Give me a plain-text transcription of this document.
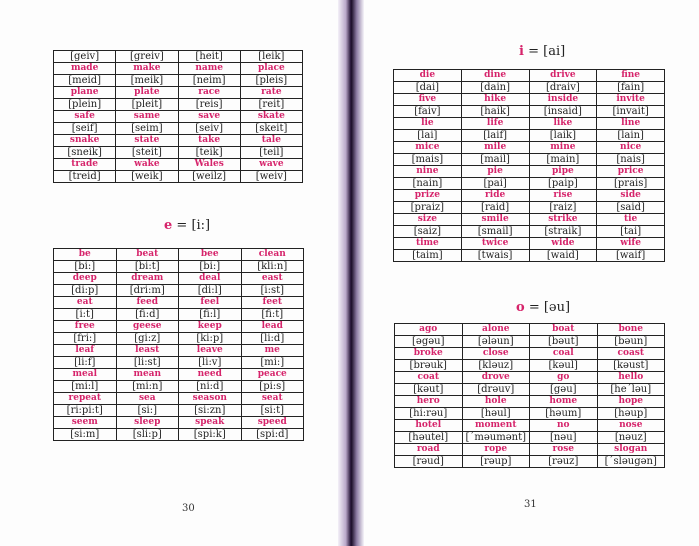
[geiv]	[greiv]	[heit]	[leik]
made	make	name	place
[meid]	[meik]	[neim]	[pleis]
plane	plate	race	rate
[plein]	[pleit]	[reis]	[reit]
safe	same	save	skate
[seif]	[seim]	[seiv]	[skeit]
snake	state	take	tale
[sneik]	[steit]	[teik]	[teil]
trade	wake	Wales	wave
[treid]	[weik]	[weilz]	[weiv]
e = [i:]
be	beat	bee	clean
[bi:]	[bi:t]	[bi:]	[kli:n]
deep	dream	deal	east
[di:p]	[dri:m]	[di:l]	[i:st]
eat	feed	feel	feet
[i:t]	[fi:d]	[fi:l]	[fi:t]
free	geese	keep	lead
[fri:]	[gi:z]	[ki:p]	[li:d]
leaf	least	leave	me
[li:f]	[li:st]	[li:v]	[mi:]
meal	mean	need	peace
[mi:l]	[mi:n]	[ni:d]	[pi:s]
repeat	sea	season	seat
[ri:pi:t]	[si:]	[si:zn]	[si:t]
seem	sleep	speak	speed
[si:m]	[sli:p]	[spi:k]	[spi:d]
30
i = [ai]
die	dine	drive	fine
[dai]	[dain]	[draiv]	[fain]
five	hike	inside	invite
[faiv]	[haik]	[insaid]	[invait]
lie	life	like	line
[lai]	[laif]	[laik]	[lain]
mice	mile	mine	nice
[mais]	[mail]	[main]	[nais]
nine	pie	pipe	price
[nain]	[pai]	[paip]	[prais]
prize	ride	rise	side
[praiz]	[raid]	[raiz]	[said]
size	smile	strike	tie
[saiz]	[smail]	[straik]	[tai]
time	twice	wide	wife
[taim]	[twais]	[waid]	[waif]
o = [əu]
ago	alone	boat	bone
[əgəu]	[ələun]	[bəut]	[bəun]
broke	close	coal	coast
[brəuk]	[kləuz]	[kəul]	[kəust]
coat	drove	go	hello
[kəut]	[drəuv]	[gəu]	[he´ləu]
hero	hole	home	hope
[hi:rəu]	[həul]	[həum]	[həup]
hotel	moment	no	nose
[həutel]	[´məumənt]	[nəu]	[nəuz]
road	rope	rose	slogan
[rəud]	[rəup]	[rəuz]	[´sləugən]
31
